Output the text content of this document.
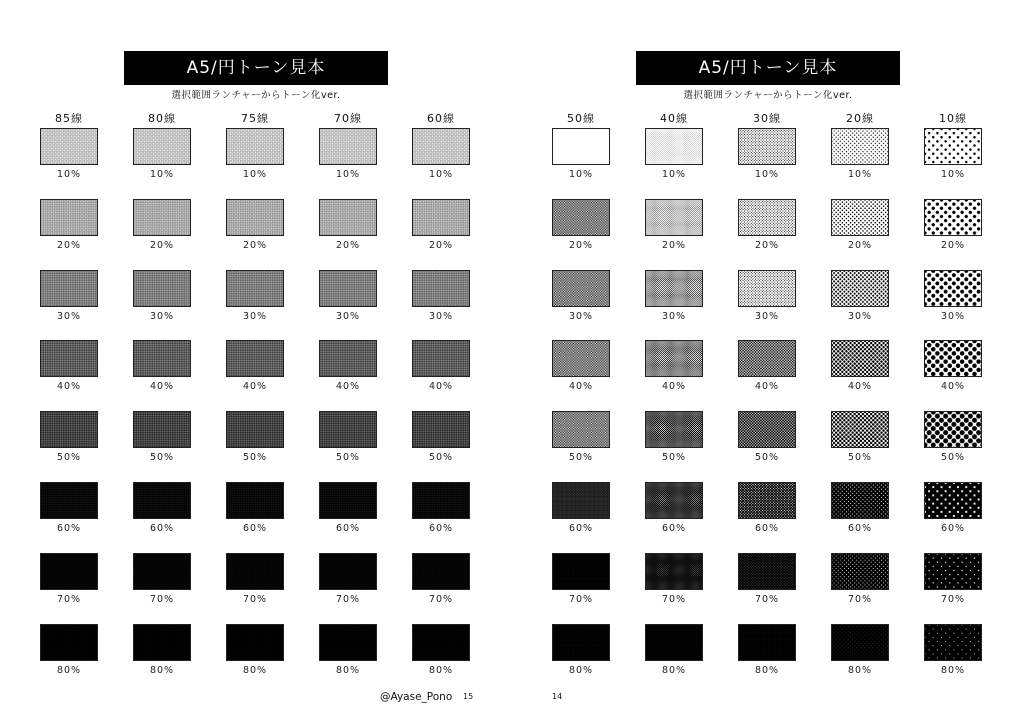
A5/円トーン見本
選択範囲ランチャーからトーン化ver.
85線
10%
20%
30%
40%
50%
60%
70%
80%
80線
10%
20%
30%
40%
50%
60%
70%
80%
75線
10%
20%
30%
40%
50%
60%
70%
80%
70線
10%
20%
30%
40%
50%
60%
70%
80%
60線
10%
20%
30%
40%
50%
60%
70%
80%
A5/円トーン見本
選択範囲ランチャーからトーン化ver.
50線
10%
20%
30%
40%
50%
60%
70%
80%
40線
10%
20%
30%
40%
50%
60%
70%
80%
30線
10%
20%
30%
40%
50%
60%
70%
80%
20線
10%
20%
30%
40%
50%
60%
70%
80%
10線
10%
20%
30%
40%
50%
60%
70%
80%
@Ayase_Pono 15	14
